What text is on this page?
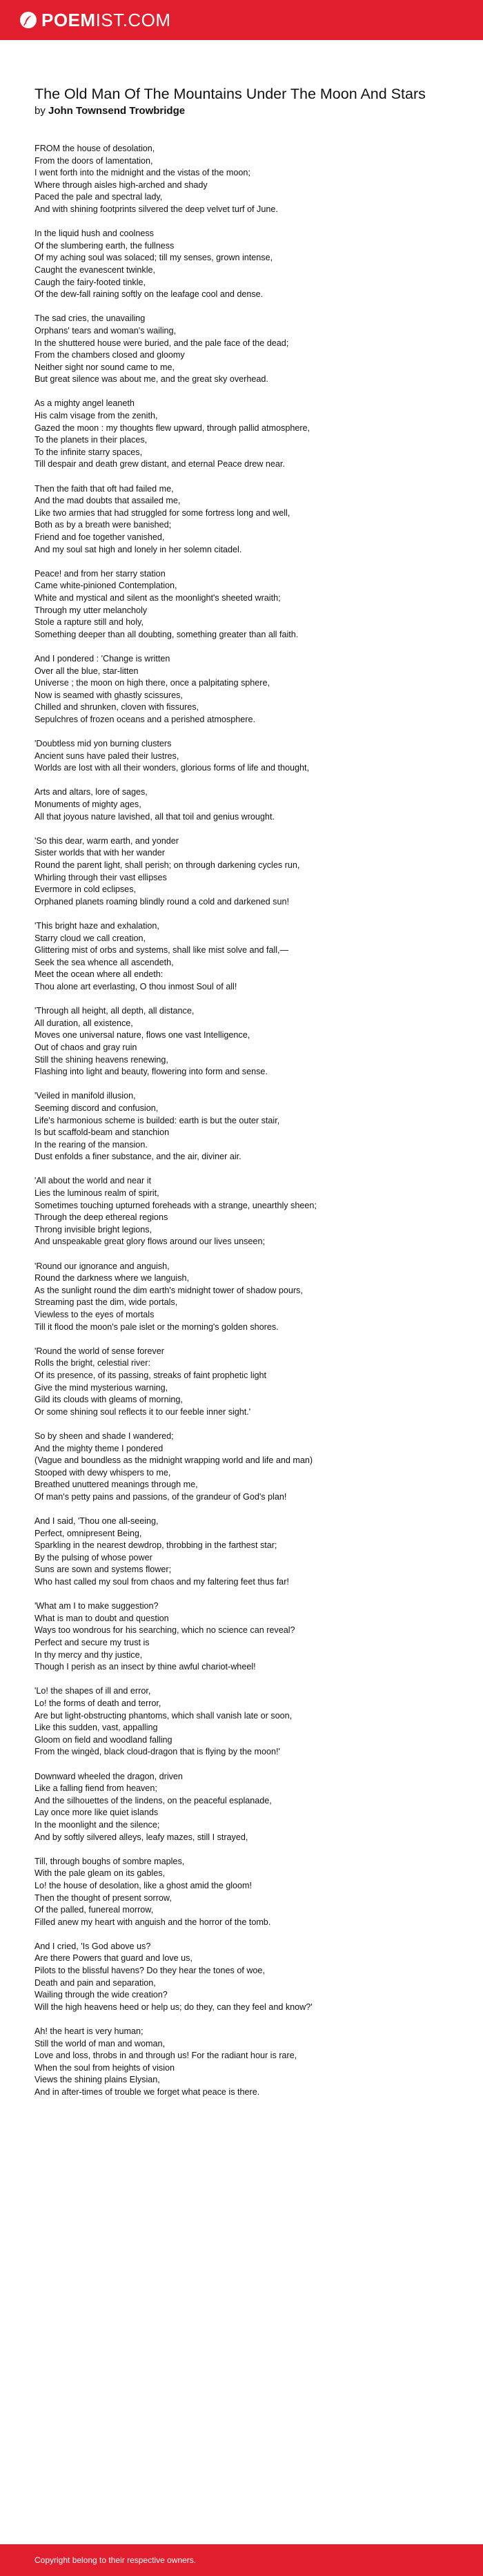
POEM IST.COM
The Old Man Of The Mountains Under The Moon And Stars
by John Townsend Trowbridge
FROM the house of desolation,
From the doors of lamentation,
I went forth into the midnight and the vistas of the moon;
Where through aisles high-arched and shady
Paced the pale and spectral lady,
And with shining footprints silvered the deep velvet turf of June.
In the liquid hush and coolness
Of the slumbering earth, the fullness
Of my aching soul was solaced; till my senses, grown intense,
Caught the evanescent twinkle,
Caugh the fairy-footed tinkle,
Of the dew-fall raining softly on the leafage cool and dense.
The sad cries, the unavailing
Orphans' tears and woman's wailing,
In the shuttered house were buried, and the pale face of the dead;
From the chambers closed and gloomy
Neither sight nor sound came to me,
But great silence was about me, and the great sky overhead.
As a mighty angel leaneth
His calm visage from the zenith,
Gazed the moon : my thoughts flew upward, through pallid atmosphere,
To the planets in their places,
To the infinite starry spaces,
Till despair and death grew distant, and eternal Peace drew near.
Then the faith that oft had failed me,
And the mad doubts that assailed me,
Like two armies that had struggled for some fortress long and well,
Both as by a breath were banished;
Friend and foe together vanished,
And my soul sat high and lonely in her solemn citadel.
Peace! and from her starry station
Came white-pinioned Contemplation,
White and mystical and silent as the moonlight's sheeted wraith;
Through my utter melancholy
Stole a rapture still and holy,
Something deeper than all doubting, something greater than all faith.
And I pondered : 'Change is written
Over all the blue, star-litten
Universe ; the moon on high there, once a palpitating sphere,
Now is seamed with ghastly scissures,
Chilled and shrunken, cloven with fissures,
Sepulchres of frozen oceans and a perished atmosphere.
'Doubtless mid yon burning clusters
Ancient suns have paled their lustres,
Worlds are lost with all their wonders, glorious forms of life and thought,
Arts and altars, lore of sages,
Monuments of mighty ages,
All that joyous nature lavished, all that toil and genius wrought.
'So this dear, warm earth, and yonder
Sister worlds that with her wander
Round the parent light, shall perish; on through darkening cycles run,
Whirling through their vast ellipses
Evermore in cold eclipses,
Orphaned planets roaming blindly round a cold and darkened sun!
'This bright haze and exhalation,
Starry cloud we call creation,
Glittering mist of orbs and systems, shall like mist solve and fall,—
Seek the sea whence all ascendeth,
Meet the ocean where all endeth:
Thou alone art everlasting, O thou inmost Soul of all!
'Through all height, all depth, all distance,
All duration, all existence,
Moves one universal nature, flows one vast Intelligence,
Out of chaos and gray ruin
Still the shining heavens renewing,
Flashing into light and beauty, flowering into form and sense.
'Veiled in manifold illusion,
Seeming discord and confusion,
Life's harmonious scheme is builded: earth is but the outer stair,
Is but scaffold-beam and stanchion
In the rearing of the mansion.
Dust enfolds a finer substance, and the air, diviner air.
'All about the world and near it
Lies the luminous realm of spirit,
Sometimes touching upturned foreheads with a strange, unearthly sheen;
Through the deep ethereal regions
Throng invisible bright legions,
And unspeakable great glory flows around our lives unseen;
'Round our ignorance and anguish,
Round the darkness where we languish,
As the sunlight round the dim earth's midnight tower of shadow pours,
Streaming past the dim, wide portals,
Viewless to the eyes of mortals
Till it flood the moon's pale islet or the morning's golden shores.
'Round the world of sense forever
Rolls the bright, celestial river:
Of its presence, of its passing, streaks of faint prophetic light
Give the mind mysterious warning,
Gild its clouds with gleams of morning,
Or some shining soul reflects it to our feeble inner sight.'
So by sheen and shade I wandered;
And the mighty theme I pondered
(Vague and boundless as the midnight wrapping world and life and man)
Stooped with dewy whispers to me,
Breathed unuttered meanings through me,
Of man's petty pains and passions, of the grandeur of God's plan!
And I said, 'Thou one all-seeing,
Perfect, omnipresent Being,
Sparkling in the nearest dewdrop, throbbing in the farthest star;
By the pulsing of whose power
Suns are sown and systems flower;
Who hast called my soul from chaos and my faltering feet thus far!
'What am I to make suggestion?
What is man to doubt and question
Ways too wondrous for his searching, which no science can reveal?
Perfect and secure my trust is
In thy mercy and thy justice,
Though I perish as an insect by thine awful chariot-wheel!
'Lo! the shapes of ill and error,
Lo! the forms of death and terror,
Are but light-obstructing phantoms, which shall vanish late or soon,
Like this sudden, vast, appalling
Gloom on field and woodland falling
From the wingèd, black cloud-dragon that is flying by the moon!'
Downward wheeled the dragon, driven
Like a falling fiend from heaven;
And the silhouettes of the lindens, on the peaceful esplanade,
Lay once more like quiet islands
In the moonlight and the silence;
And by softly silvered alleys, leafy mazes, still I strayed,
Till, through boughs of sombre maples,
With the pale gleam on its gables,
Lo! the house of desolation, like a ghost amid the gloom!
Then the thought of present sorrow,
Of the palled, funereal morrow,
Filled anew my heart with anguish and the horror of the tomb.
And I cried, 'Is God above us?
Are there Powers that guard and love us,
Pilots to the blissful havens? Do they hear the tones of woe,
Death and pain and separation,
Wailing through the wide creation?
Will the high heavens heed or help us; do they, can they feel and know?'
Ah! the heart is very human;
Still the world of man and woman,
Love and loss, throbs in and through us! For the radiant hour is rare,
When the soul from heights of vision
Views the shining plains Elysian,
And in after-times of trouble we forget what peace is there.
Copyright belong to their respective owners.
